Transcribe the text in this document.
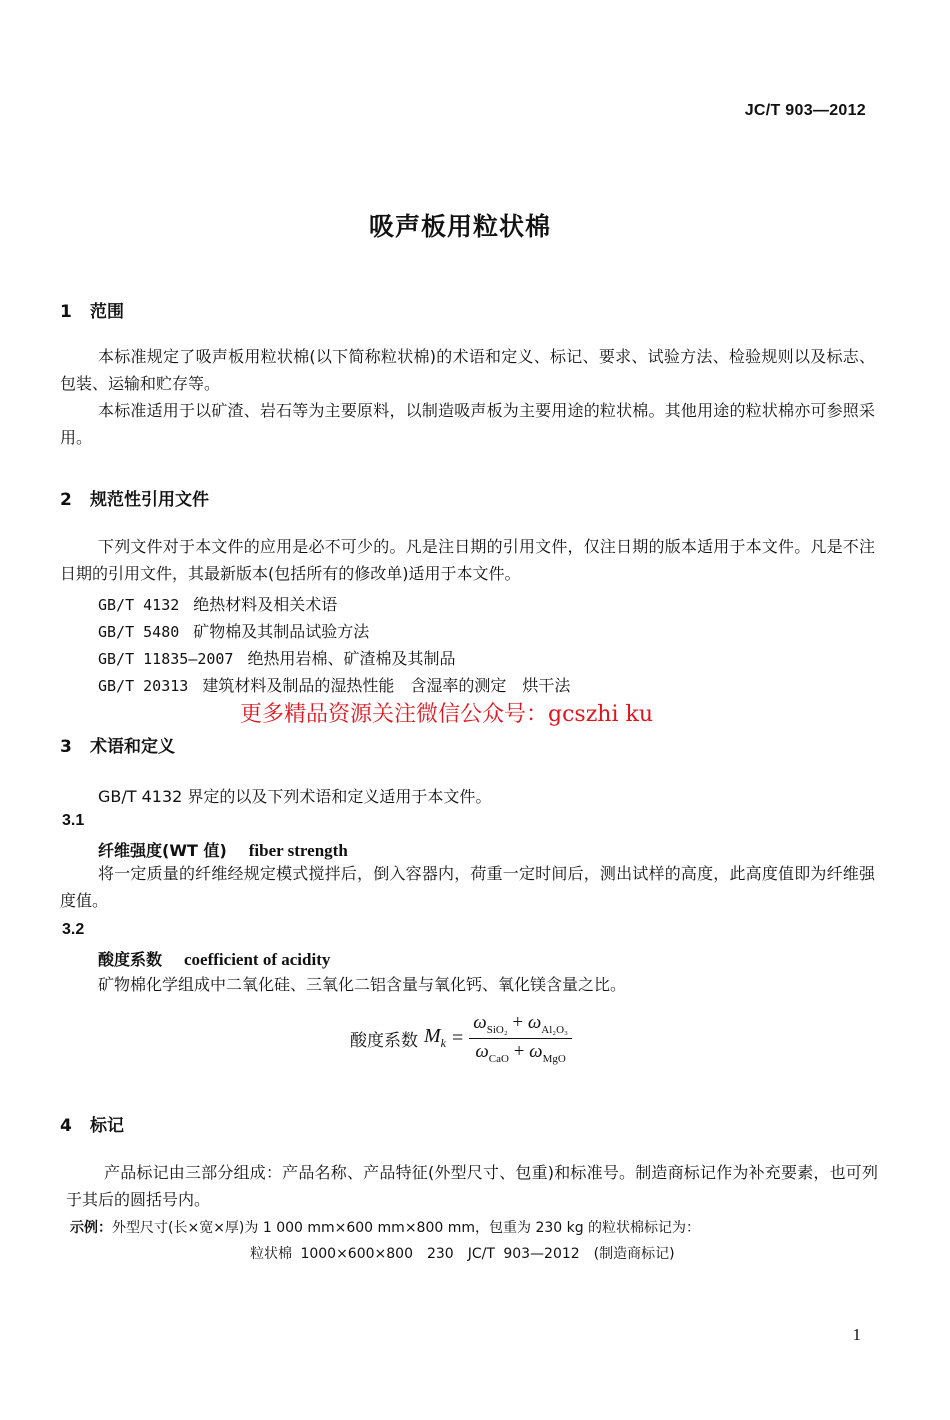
JC/T 903—2012
吸声板用粒状棉
1 范围
本标准规定了吸声板用粒状棉(以下简称粒状棉)的术语和定义、标记、要求、试验方法、检验规则以及标志、包装、运输和贮存等。
本标准适用于以矿渣、岩石等为主要原料，以制造吸声板为主要用途的粒状棉。其他用途的粒状棉亦可参照采用。
2 规范性引用文件
下列文件对于本文件的应用是必不可少的。凡是注日期的引用文件，仅注日期的版本适用于本文件。凡是不注日期的引用文件，其最新版本(包括所有的修改单)适用于本文件。
GB/T 4132 绝热材料及相关术语
GB/T 5480 矿物棉及其制品试验方法
GB/T 11835—2007 绝热用岩棉、矿渣棉及其制品
GB/T 20313 建筑材料及制品的湿热性能　含湿率的测定　烘干法
更多精品资源关注微信公众号：gcszhi ku
3 术语和定义
GB/T 4132 界定的以及下列术语和定义适用于本文件。
3.1
纤维强度(WT 值) fiber strength
将一定质量的纤维经规定模式搅拌后，倒入容器内，荷重一定时间后，测出试样的高度，此高度值即为纤维强度值。
3.2
酸度系数 coefficient of acidity
矿物棉化学组成中二氧化硅、三氧化二铝含量与氧化钙、氧化镁含量之比。
酸度系数 $M_k = \frac{\omega_{SiO_2} + \omega_{Al_2O_3}}{\omega_{CaO} + \omega_{MgO}}$
4 标记
产品标记由三部分组成：产品名称、产品特征(外型尺寸、包重)和标准号。制造商标记作为补充要素，也可列于其后的圆括号内。
示例：外型尺寸(长×宽×厚)为 1 000 mm×600 mm×800 mm，包重为 230 kg 的粒状棉标记为：
粒状棉 1000×600×800　230　JC/T 903—2012　(制造商标记)
1
